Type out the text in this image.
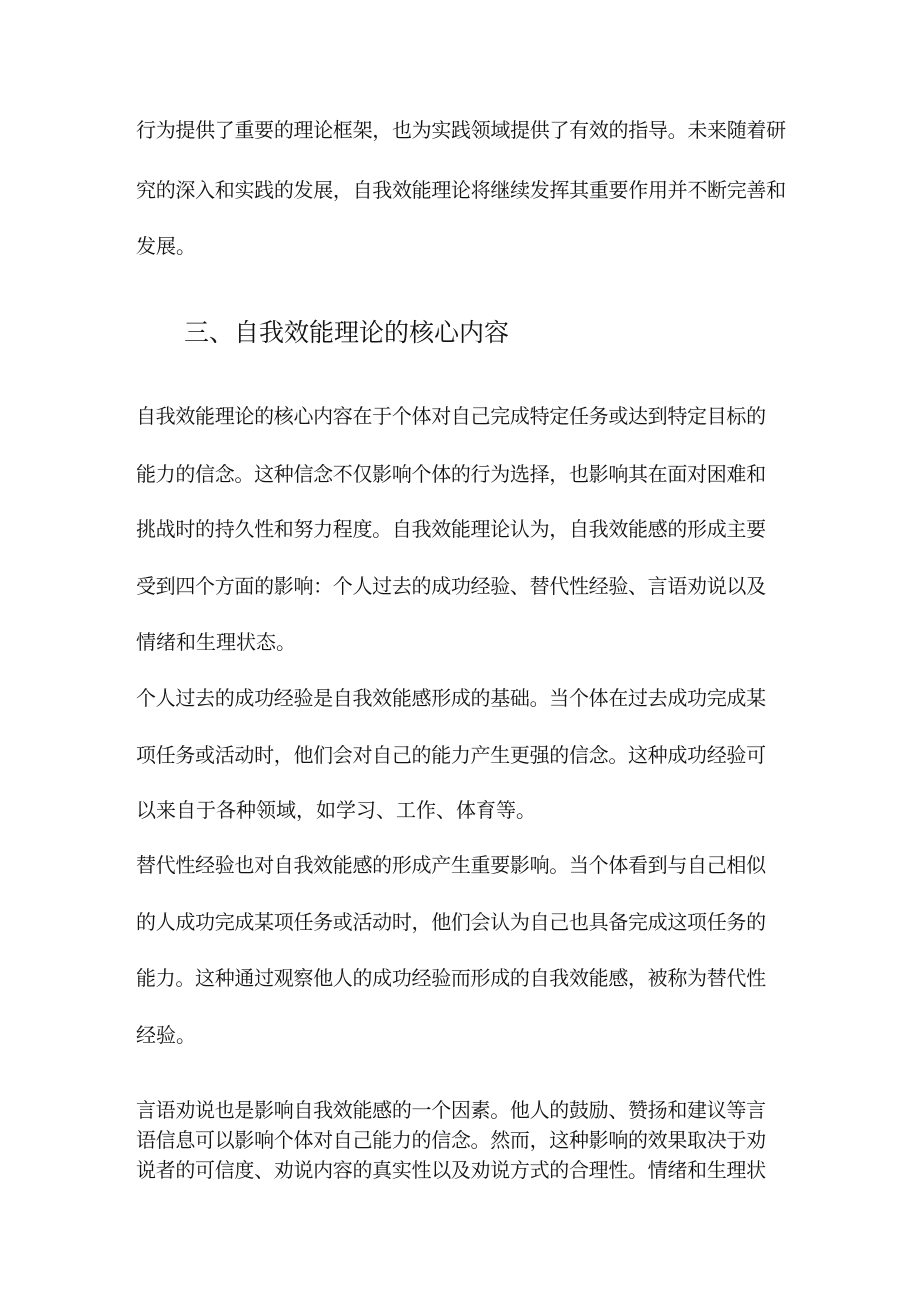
行为提供了重要的理论框架，也为实践领域提供了有效的指导。未来随着研

究的深入和实践的发展，自我效能理论将继续发挥其重要作用并不断完善和

发展。

三、自我效能理论的核心内容

自我效能理论的核心内容在于个体对自己完成特定任务或达到特定目标的

能力的信念。这种信念不仅影响个体的行为选择，也影响其在面对困难和

挑战时的持久性和努力程度。自我效能理论认为，自我效能感的形成主要

受到四个方面的影响：个人过去的成功经验、替代性经验、言语劝说以及

情绪和生理状态。

个人过去的成功经验是自我效能感形成的基础。当个体在过去成功完成某

项任务或活动时，他们会对自己的能力产生更强的信念。这种成功经验可

以来自于各种领域，如学习、工作、体育等。

替代性经验也对自我效能感的形成产生重要影响。当个体看到与自己相似

的人成功完成某项任务或活动时，他们会认为自己也具备完成这项任务的

能力。这种通过观察他人的成功经验而形成的自我效能感，被称为替代性

经验。

言语劝说也是影响自我效能感的一个因素。他人的鼓励、赞扬和建议等言

语信息可以影响个体对自己能力的信念。然而，这种影响的效果取决于劝

说者的可信度、劝说内容的真实性以及劝说方式的合理性。情绪和生理状
